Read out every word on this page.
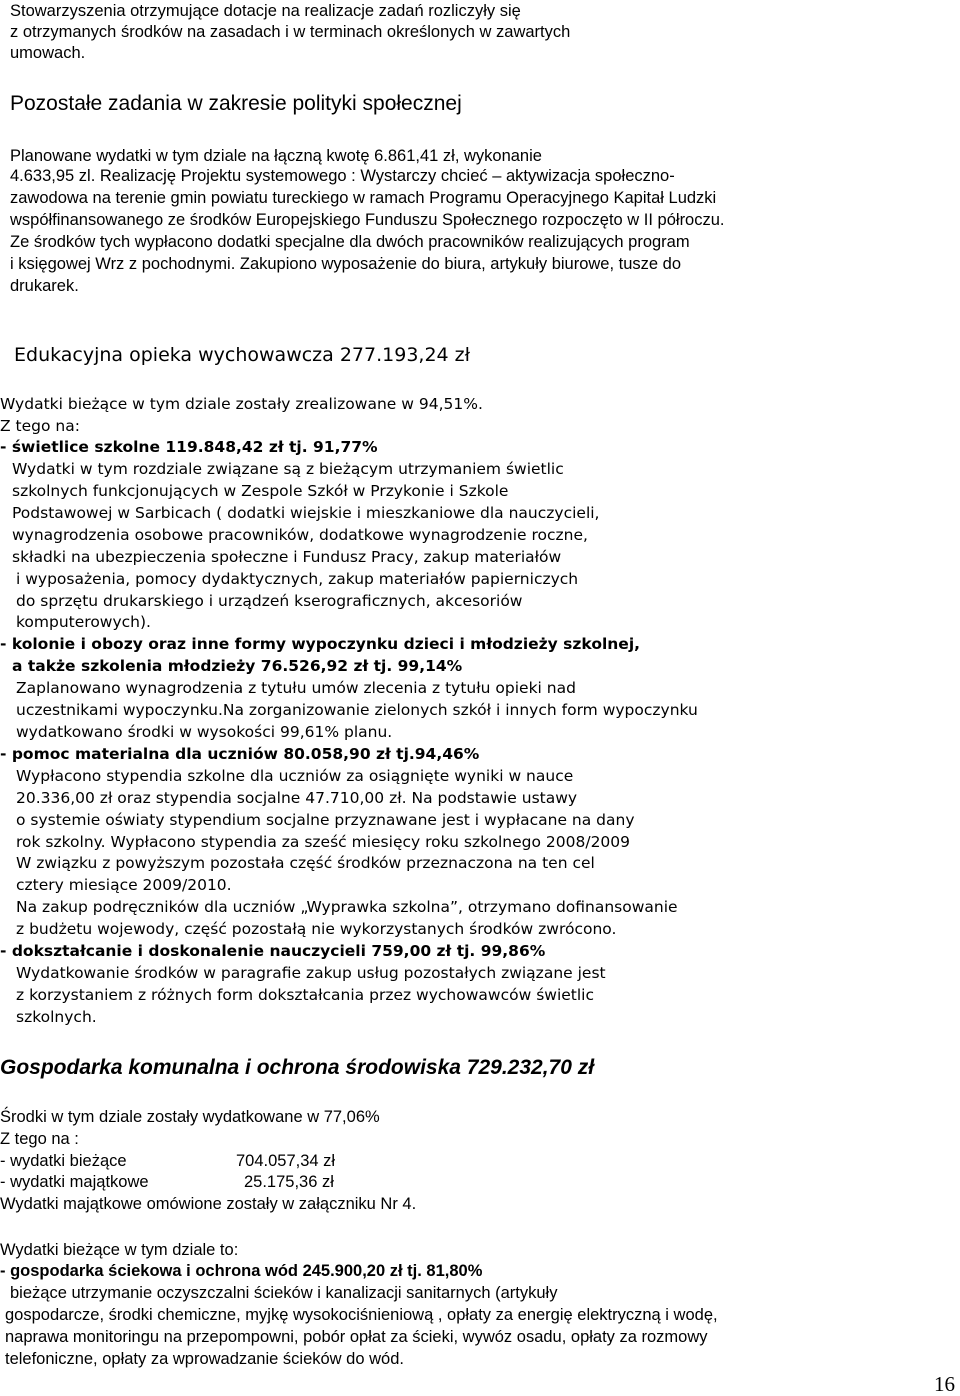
Stowarzyszenia otrzymujące dotacje na realizacje zadań rozliczyły się
z otrzymanych środków na zasadach i w terminach określonych w zawartych
umowach.
Pozostałe zadania w zakresie polityki społecznej
Planowane wydatki w tym dziale na łączną kwotę 6.861,41 zł, wykonanie
4.633,95 zl. Realizację Projektu systemowego : Wystarczy chcieć – aktywizacja społeczno-
zawodowa na terenie gmin powiatu tureckiego w ramach Programu Operacyjnego Kapitał Ludzki
współfinansowanego ze środków Europejskiego Funduszu Społecznego rozpoczęto w II półroczu.
Ze środków tych wypłacono dodatki specjalne dla dwóch pracowników realizujących program
i księgowej Wrz z pochodnymi. Zakupiono wyposażenie do biura, artykuły biurowe, tusze do
drukarek.
Edukacyjna opieka wychowawcza 277.193,24 zł
Wydatki bieżące w tym dziale zostały zrealizowane w 94,51%.
Z tego na:
- świetlice szkolne 119.848,42 zł tj. 91,77%
Wydatki w tym rozdziale związane są z bieżącym utrzymaniem świetlic
szkolnych funkcjonujących w Zespole Szkół w Przykonie i Szkole
Podstawowej w Sarbicach ( dodatki wiejskie i mieszkaniowe dla nauczycieli,
wynagrodzenia osobowe pracowników, dodatkowe wynagrodzenie roczne,
składki na ubezpieczenia społeczne i Fundusz Pracy, zakup materiałów
i wyposażenia, pomocy dydaktycznych, zakup materiałów papierniczych
do sprzętu drukarskiego i urządzeń kserograficznych, akcesoriów
komputerowych).
- kolonie i obozy oraz inne formy wypoczynku dzieci i młodzieży szkolnej,
a także szkolenia młodzieży 76.526,92 zł tj. 99,14%
Zaplanowano wynagrodzenia z tytułu umów zlecenia z tytułu opieki nad
uczestnikami wypoczynku.Na zorganizowanie zielonych szkół i innych form wypoczynku
wydatkowano środki w wysokości 99,61% planu.
- pomoc materialna dla uczniów 80.058,90 zł tj.94,46%
Wypłacono stypendia szkolne dla uczniów za osiągnięte wyniki w nauce
20.336,00 zł oraz stypendia socjalne 47.710,00 zł. Na podstawie ustawy
o systemie oświaty stypendium socjalne przyznawane jest i wypłacane na dany
rok szkolny. Wypłacono stypendia za sześć miesięcy roku szkolnego 2008/2009
W związku z powyższym pozostała część środków przeznaczona na ten cel
cztery miesiące 2009/2010.
Na zakup podręczników dla uczniów „Wyprawka szkolna”, otrzymano dofinansowanie
z budżetu wojewody, część pozostałą nie wykorzystanych środków zwrócono.
- dokształcanie i doskonalenie nauczycieli 759,00 zł tj. 99,86%
Wydatkowanie środków w paragrafie zakup usług pozostałych związane jest
z korzystaniem z różnych form dokształcania przez wychowawców świetlic
szkolnych.
Gospodarka komunalna i ochrona środowiska 729.232,70 zł
Środki w tym dziale zostały wydatkowane w 77,06%
Z tego na :
- wydatki bieżące	704.057,34 zł
- wydatki majątkowe	25.175,36 zł
Wydatki majątkowe omówione zostały w załączniku Nr 4.
Wydatki bieżące w tym dziale to:
- gospodarka ściekowa i ochrona wód 245.900,20 zł tj. 81,80%
bieżące utrzymanie oczyszczalni ścieków i kanalizacji sanitarnych (artykuły
gospodarcze, środki chemiczne, myjkę wysokociśnieniową , opłaty za energię elektryczną i wodę,
naprawa monitoringu na przepompowni, pobór opłat za ścieki, wywóz osadu, opłaty za rozmowy
telefoniczne, opłaty za wprowadzanie ścieków do wód.
16
